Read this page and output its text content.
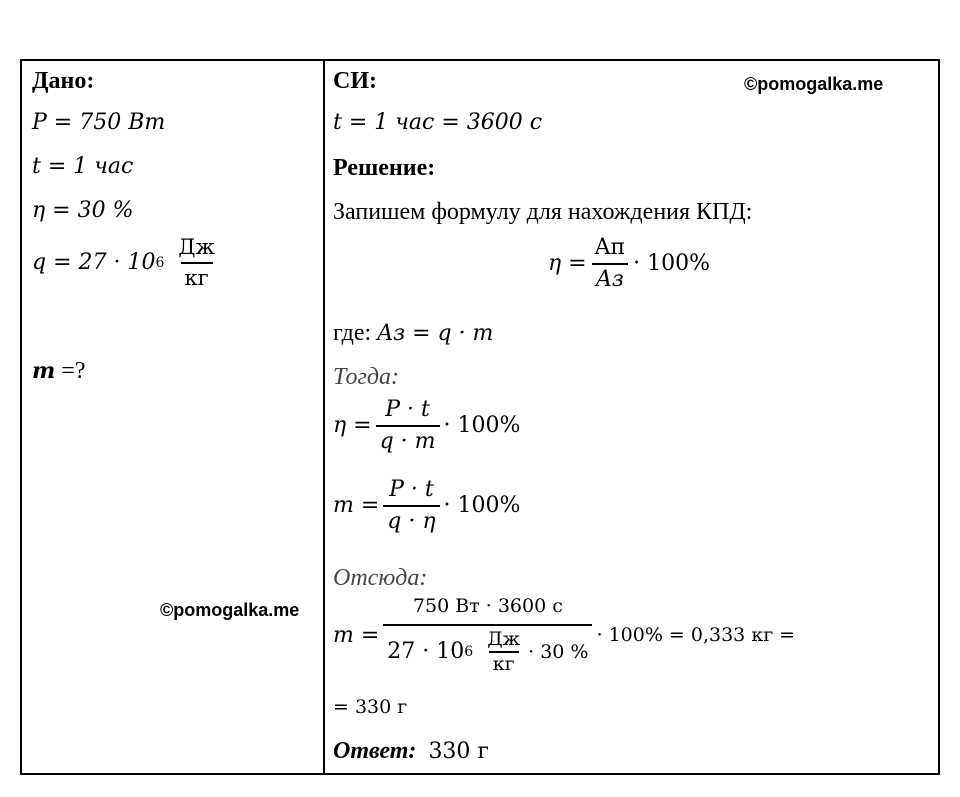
Дано:
P = 750 Вт
t = 1 час
η = 30 %
q = 27 · 10 $6 \frac{Дж}{кг}$
m =?
©pomogalka.me
СИ:	©pomogalka.me
t = 1 час = 3600 с
Решение:
Запишем формулу для нахождения КПД:
$\eta = \frac{Aп}{Aз} \cdot 100\%$
где: Aз = q · m
Тогда:
$\eta = \frac{P \cdot t}{q \cdot m} \cdot 100\%$
$m = \frac{P \cdot t}{q \cdot \eta} \cdot 100\%$
Отсюда:
m =
750 Вт · 3600 с
27 · 10 $6 \frac{Дж}{кг} \cdot 30$ %
· 100% = 0,333 кг =
= 330 г
Ответ: 330 г
